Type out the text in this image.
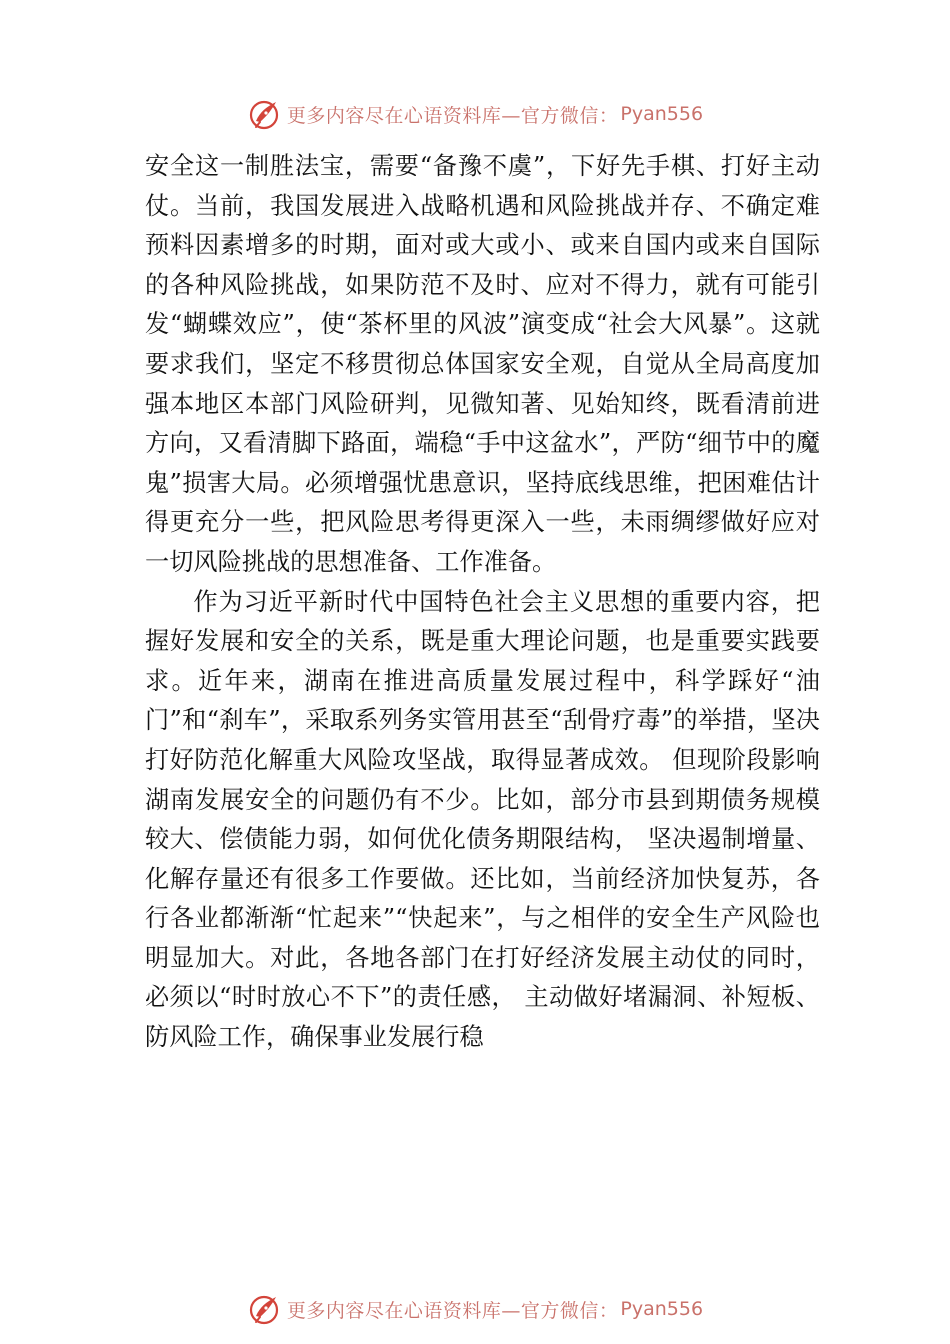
更多内容尽在心语资料库—官方微信： Pyan556

安全这一制胜法宝，需要“备豫不虞”，下好先手棋、打好主动仗。当前，我国发展进入战略机遇和风险挑战并存、不确定难预料因素增多的时期，面对或大或小、或来自国内或来自国际的各种风险挑战，如果防范不及时、应对不得力，就有可能引发“蝴蝶效应”，使“茶杯里的风波”演变成“社会大风暴”。这就要求我们，坚定不移贯彻总体国家安全观，自觉从全局高度加强本地区本部门风险研判，见微知著、见始知终，既看清前进方向，又看清脚下路面，端稳“手中这盆水”，严防“细节中的魔鬼”损害大局。必须增强忧患意识，坚持底线思维，把困难估计得更充分一些，把风险思考得更深入一些，未雨绸缪做好应对一切风险挑战的思想准备、工作准备。

作为习近平新时代中国特色社会主义思想的重要内容，把握好发展和安全的关系，既是重大理论问题，也是重要实践要求。近年来，湖南在推进高质量发展过程中，科学踩好“油门”和“刹车”，采取系列务实管用甚至“刮骨疗毒”的举措，坚决打好防范化解重大风险攻坚战，取得显著成效。 但现阶段影响湖南发展安全的问题仍有不少。比如，部分市县到期债务规模较大、偿债能力弱，如何优化债务期限结构， 坚决遏制增量、化解存量还有很多工作要做。还比如，当前经济加快复苏，各行各业都渐渐“忙起来”“快起来”，与之相伴的安全生产风险也明显加大。对此，各地各部门在打好经济发展主动仗的同时，必须以“时时放心不下”的责任感， 主动做好堵漏洞、补短板、防风险工作，确保事业发展行稳

更多内容尽在心语资料库—官方微信： Pyan556
